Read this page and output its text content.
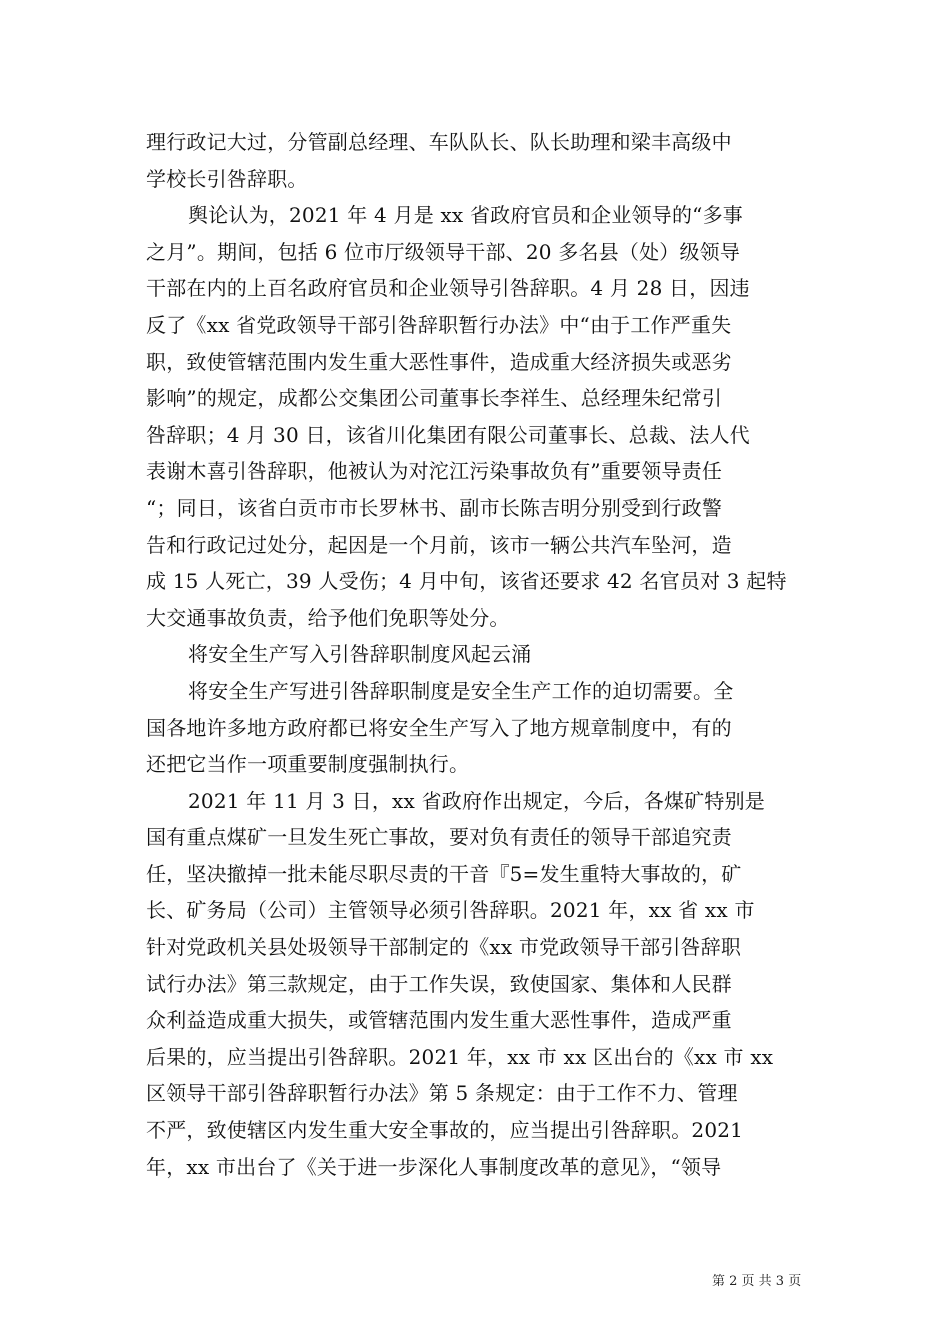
理行政记大过，分管副总经理、车队队长、队长助理和梁丰高级中
学校长引咎辞职。
舆论认为，2021 年 4 月是 xx 省政府官员和企业领导的“多事
之月”。期间，包括 6 位市厅级领导干部、20 多名县（处）级领导
干部在内的上百名政府官员和企业领导引咎辞职。4 月 28 日，因违
反了《xx 省党政领导干部引咎辞职暂行办法》中“由于工作严重失
职，致使管辖范围内发生重大恶性事件，造成重大经济损失或恶劣
影响”的规定，成都公交集团公司董事长李祥生、总经理朱纪常引
咎辞职；4 月 30 日，该省川化集团有限公司董事长、总裁、法人代
表谢木喜引咎辞职，他被认为对沱江污染事故负有”重要领导责任
“；同日，该省白贡市市长罗林书、副市长陈吉明分别受到行政警
告和行政记过处分，起因是一个月前，该市一辆公共汽车坠河，造
成 15 人死亡，39 人受伤；4 月中旬，该省还要求 42 名官员对 3 起特
大交通事故负责，给予他们免职等处分。
将安全生产写入引咎辞职制度风起云涌
将安全生产写进引咎辞职制度是安全生产工作的迫切需要。全
国各地许多地方政府都已将安全生产写入了地方规章制度中，有的
还把它当作一项重要制度强制执行。
2021 年 11 月 3 日，xx 省政府作出规定，今后，各煤矿特别是
国有重点煤矿一旦发生死亡事故，要对负有责任的领导干部追究责
任，坚决撤掉一批未能尽职尽责的干音『5=发生重特大事故的，矿
长、矿务局（公司）主管领导必须引咎辞职。2021 年，xx 省 xx 市
针对党政机关县处圾领导干部制定的《xx 市党政领导干部引咎辞职
试行办法》第三款规定，由于工作失误，致使国家、集体和人民群
众利益造成重大损失，或管辖范围内发生重大恶性事件，造成严重
后果的，应当提出引咎辞职。2021 年，xx 市 xx 区出台的《xx 市 xx
区领导干部引咎辞职暂行办法》第 5 条规定：由于工作不力、管理
不严，致使辖区内发生重大安全事故的，应当提出引咎辞职。2021
年，xx 市出台了《关于进一步深化人事制度改革的意见》，“领导
第 2 页 共 3 页
